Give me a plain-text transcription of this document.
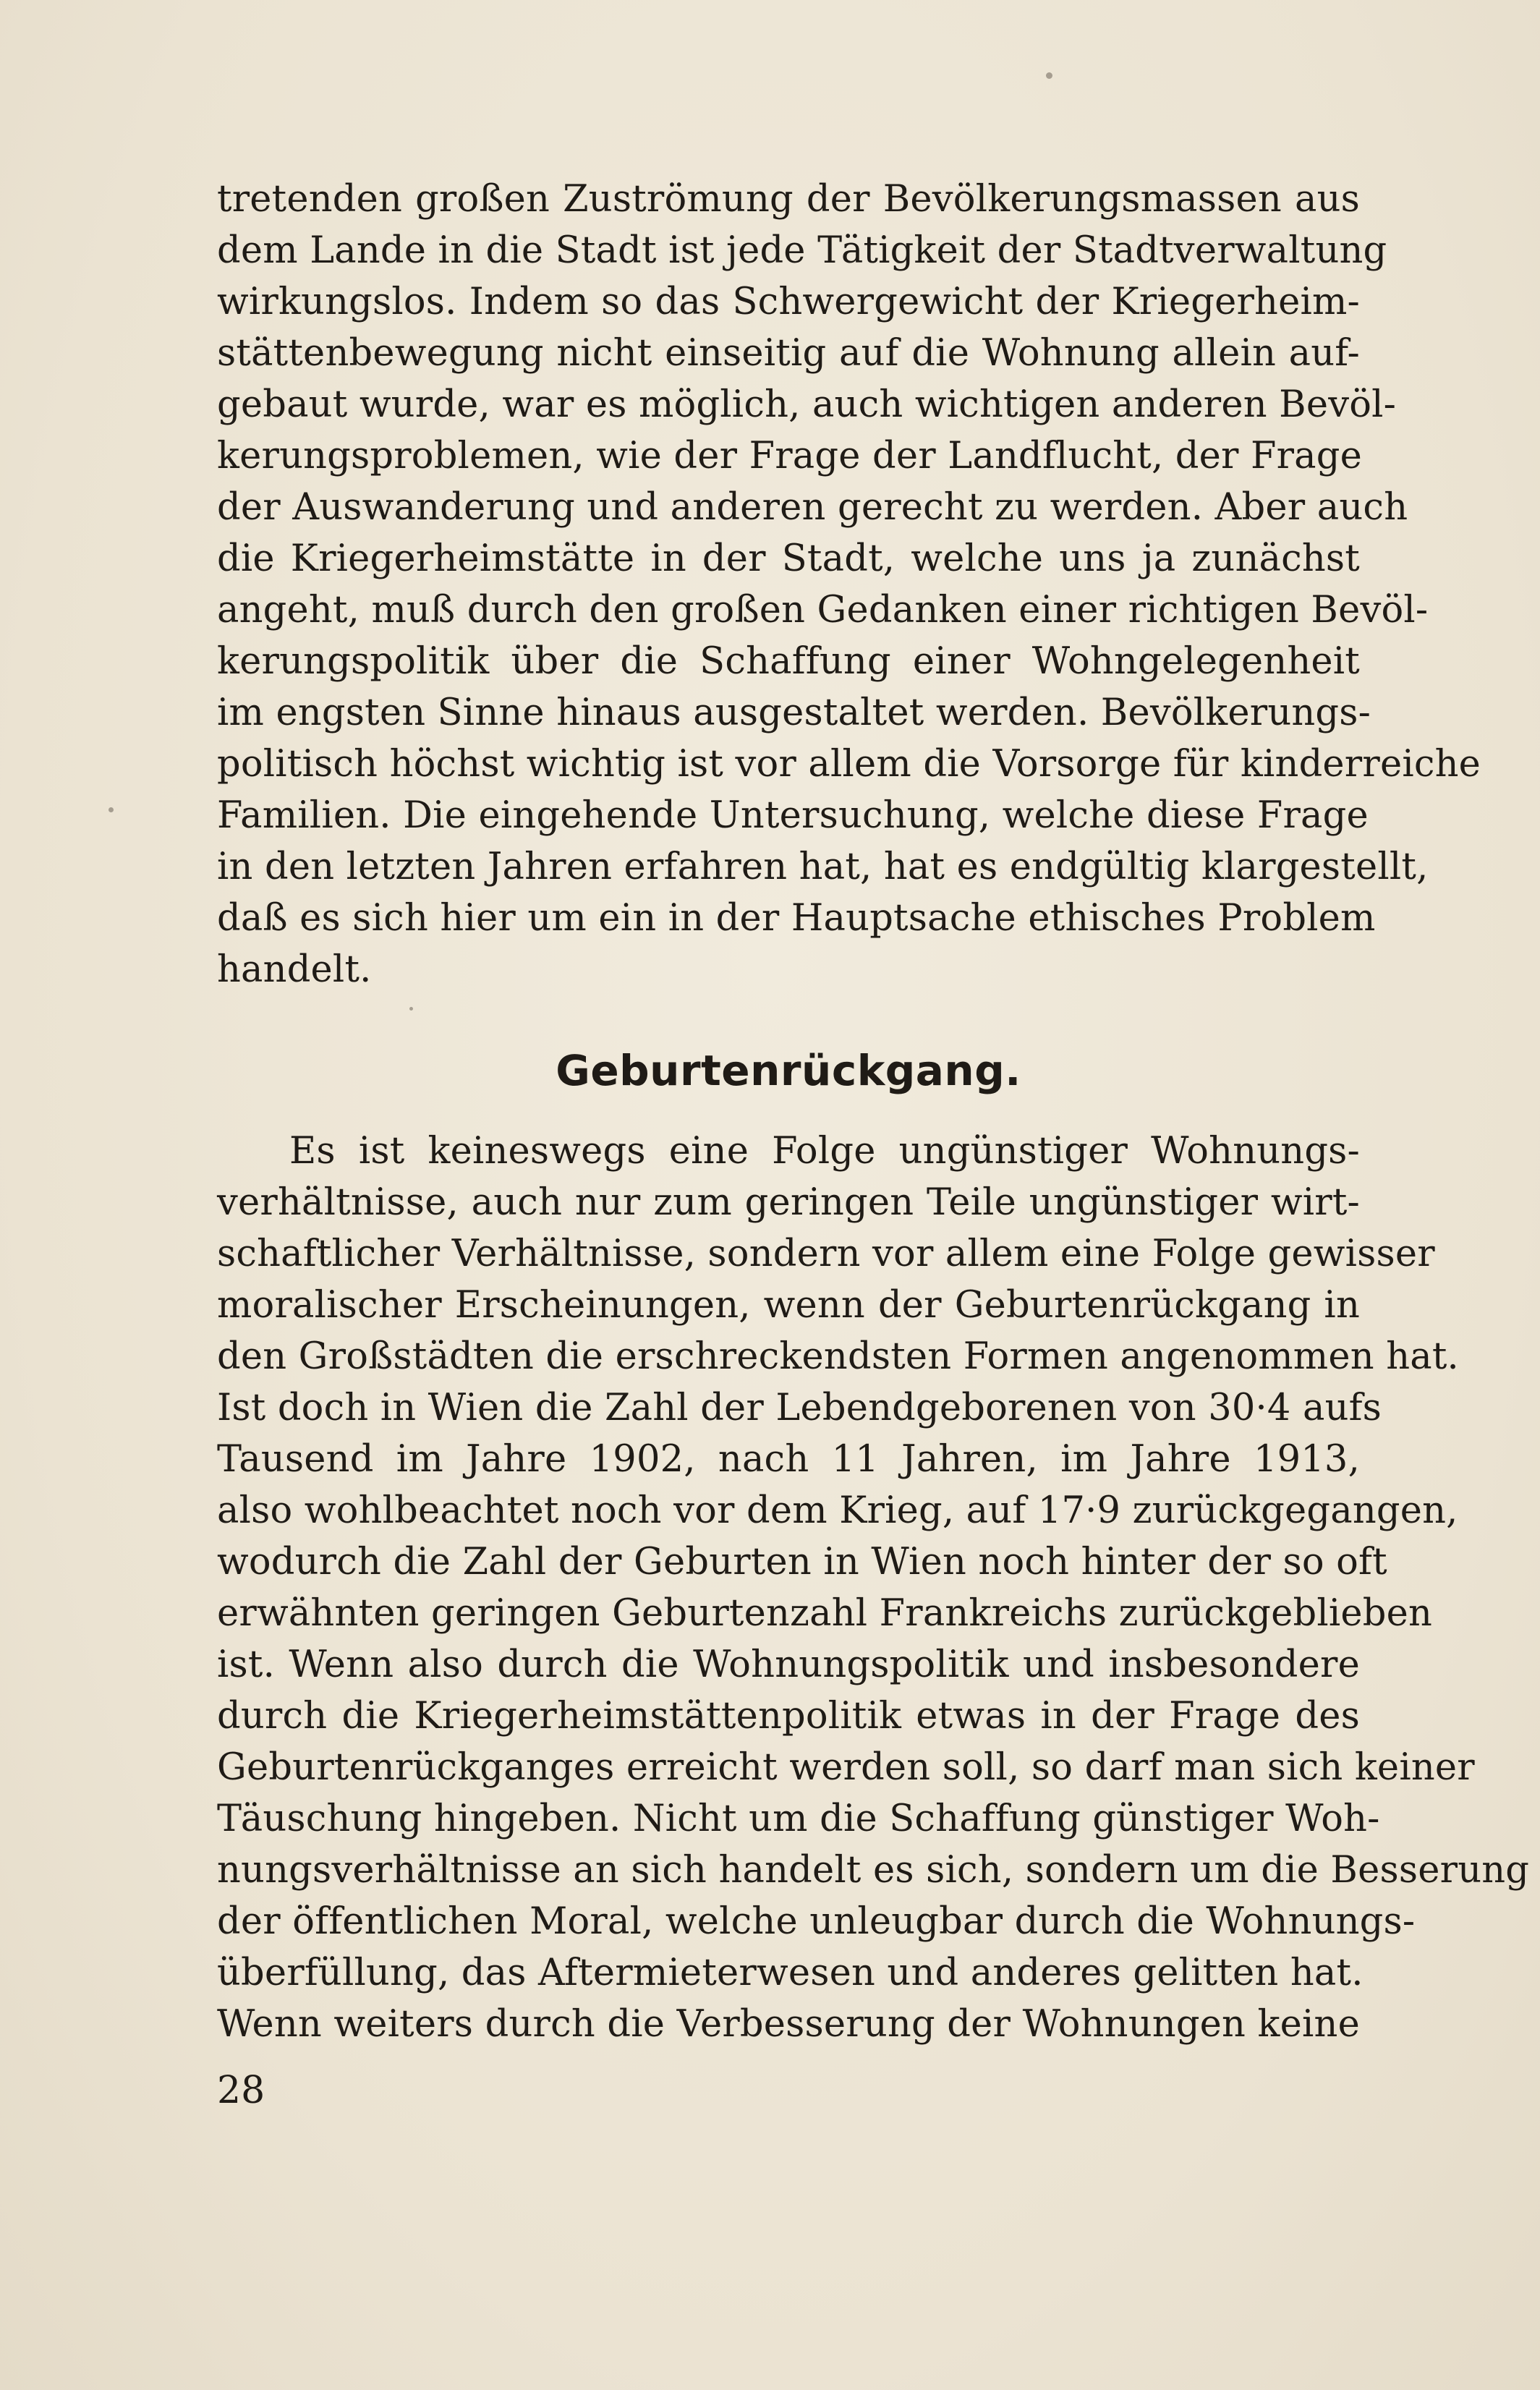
tretenden großen Zuströmung der Bevölkerungsmassen aus
dem Lande in die Stadt ist jede Tätigkeit der Stadtverwaltung
wirkungslos. Indem so das Schwergewicht der Kriegerheim-
stättenbewegung nicht einseitig auf die Wohnung allein auf-
gebaut wurde, war es möglich, auch wichtigen anderen Bevöl-
kerungsproblemen, wie der Frage der Landflucht, der Frage
der Auswanderung und anderen gerecht zu werden. Aber auch
die Kriegerheimstätte in der Stadt, welche uns ja zunächst
angeht, muß durch den großen Gedanken einer richtigen Bevöl-
kerungspolitik über die Schaffung einer Wohngelegenheit
im engsten Sinne hinaus ausgestaltet werden. Bevölkerungs-
politisch höchst wichtig ist vor allem die Vorsorge für kinderreiche
Familien. Die eingehende Untersuchung, welche diese Frage
in den letzten Jahren erfahren hat, hat es endgültig klargestellt,
daß es sich hier um ein in der Hauptsache ethisches Problem
handelt.
Geburtenrückgang.
Es ist keineswegs eine Folge ungünstiger Wohnungs-
verhältnisse, auch nur zum geringen Teile ungünstiger wirt-
schaftlicher Verhältnisse, sondern vor allem eine Folge gewisser
moralischer Erscheinungen, wenn der Geburtenrückgang in
den Großstädten die erschreckendsten Formen angenommen hat.
Ist doch in Wien die Zahl der Lebendgeborenen von 30·4 aufs
Tausend im Jahre 1902, nach 11 Jahren, im Jahre 1913,
also wohlbeachtet noch vor dem Krieg, auf 17·9 zurückgegangen,
wodurch die Zahl der Geburten in Wien noch hinter der so oft
erwähnten geringen Geburtenzahl Frankreichs zurückgeblieben
ist. Wenn also durch die Wohnungspolitik und insbesondere
durch die Kriegerheimstättenpolitik etwas in der Frage des
Geburtenrückganges erreicht werden soll, so darf man sich keiner
Täuschung hingeben. Nicht um die Schaffung günstiger Woh-
nungsverhältnisse an sich handelt es sich, sondern um die Besserung
der öffentlichen Moral, welche unleugbar durch die Wohnungs-
überfüllung, das Aftermieterwesen und anderes gelitten hat.
Wenn weiters durch die Verbesserung der Wohnungen keine
28
